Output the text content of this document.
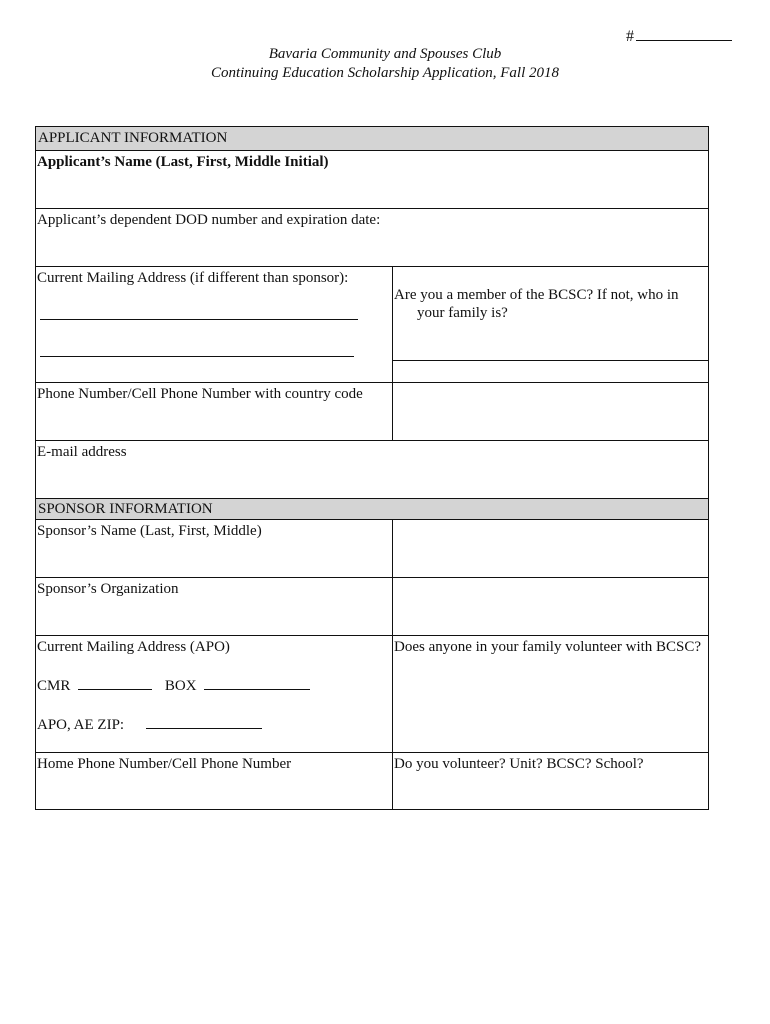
#
Bavaria Community and Spouses Club
Continuing Education Scholarship Application, Fall 2018
APPLICANT INFORMATION
Applicant’s Name (Last, First, Middle Initial)
Applicant’s dependent DOD number and expiration date:
Current Mailing Address (if different than sponsor):
Are you a member of the BCSC? If not, who in
your family is?
Phone Number/Cell Phone Number with country code
E-mail address
SPONSOR INFORMATION
Sponsor’s Name (Last, First, Middle)
Sponsor’s Organization
Current Mailing Address (APO)
CMR	BOX
APO, AE ZIP:
Does anyone in your family volunteer with BCSC?
Home Phone Number/Cell Phone Number	Do you volunteer? Unit? BCSC? School?
